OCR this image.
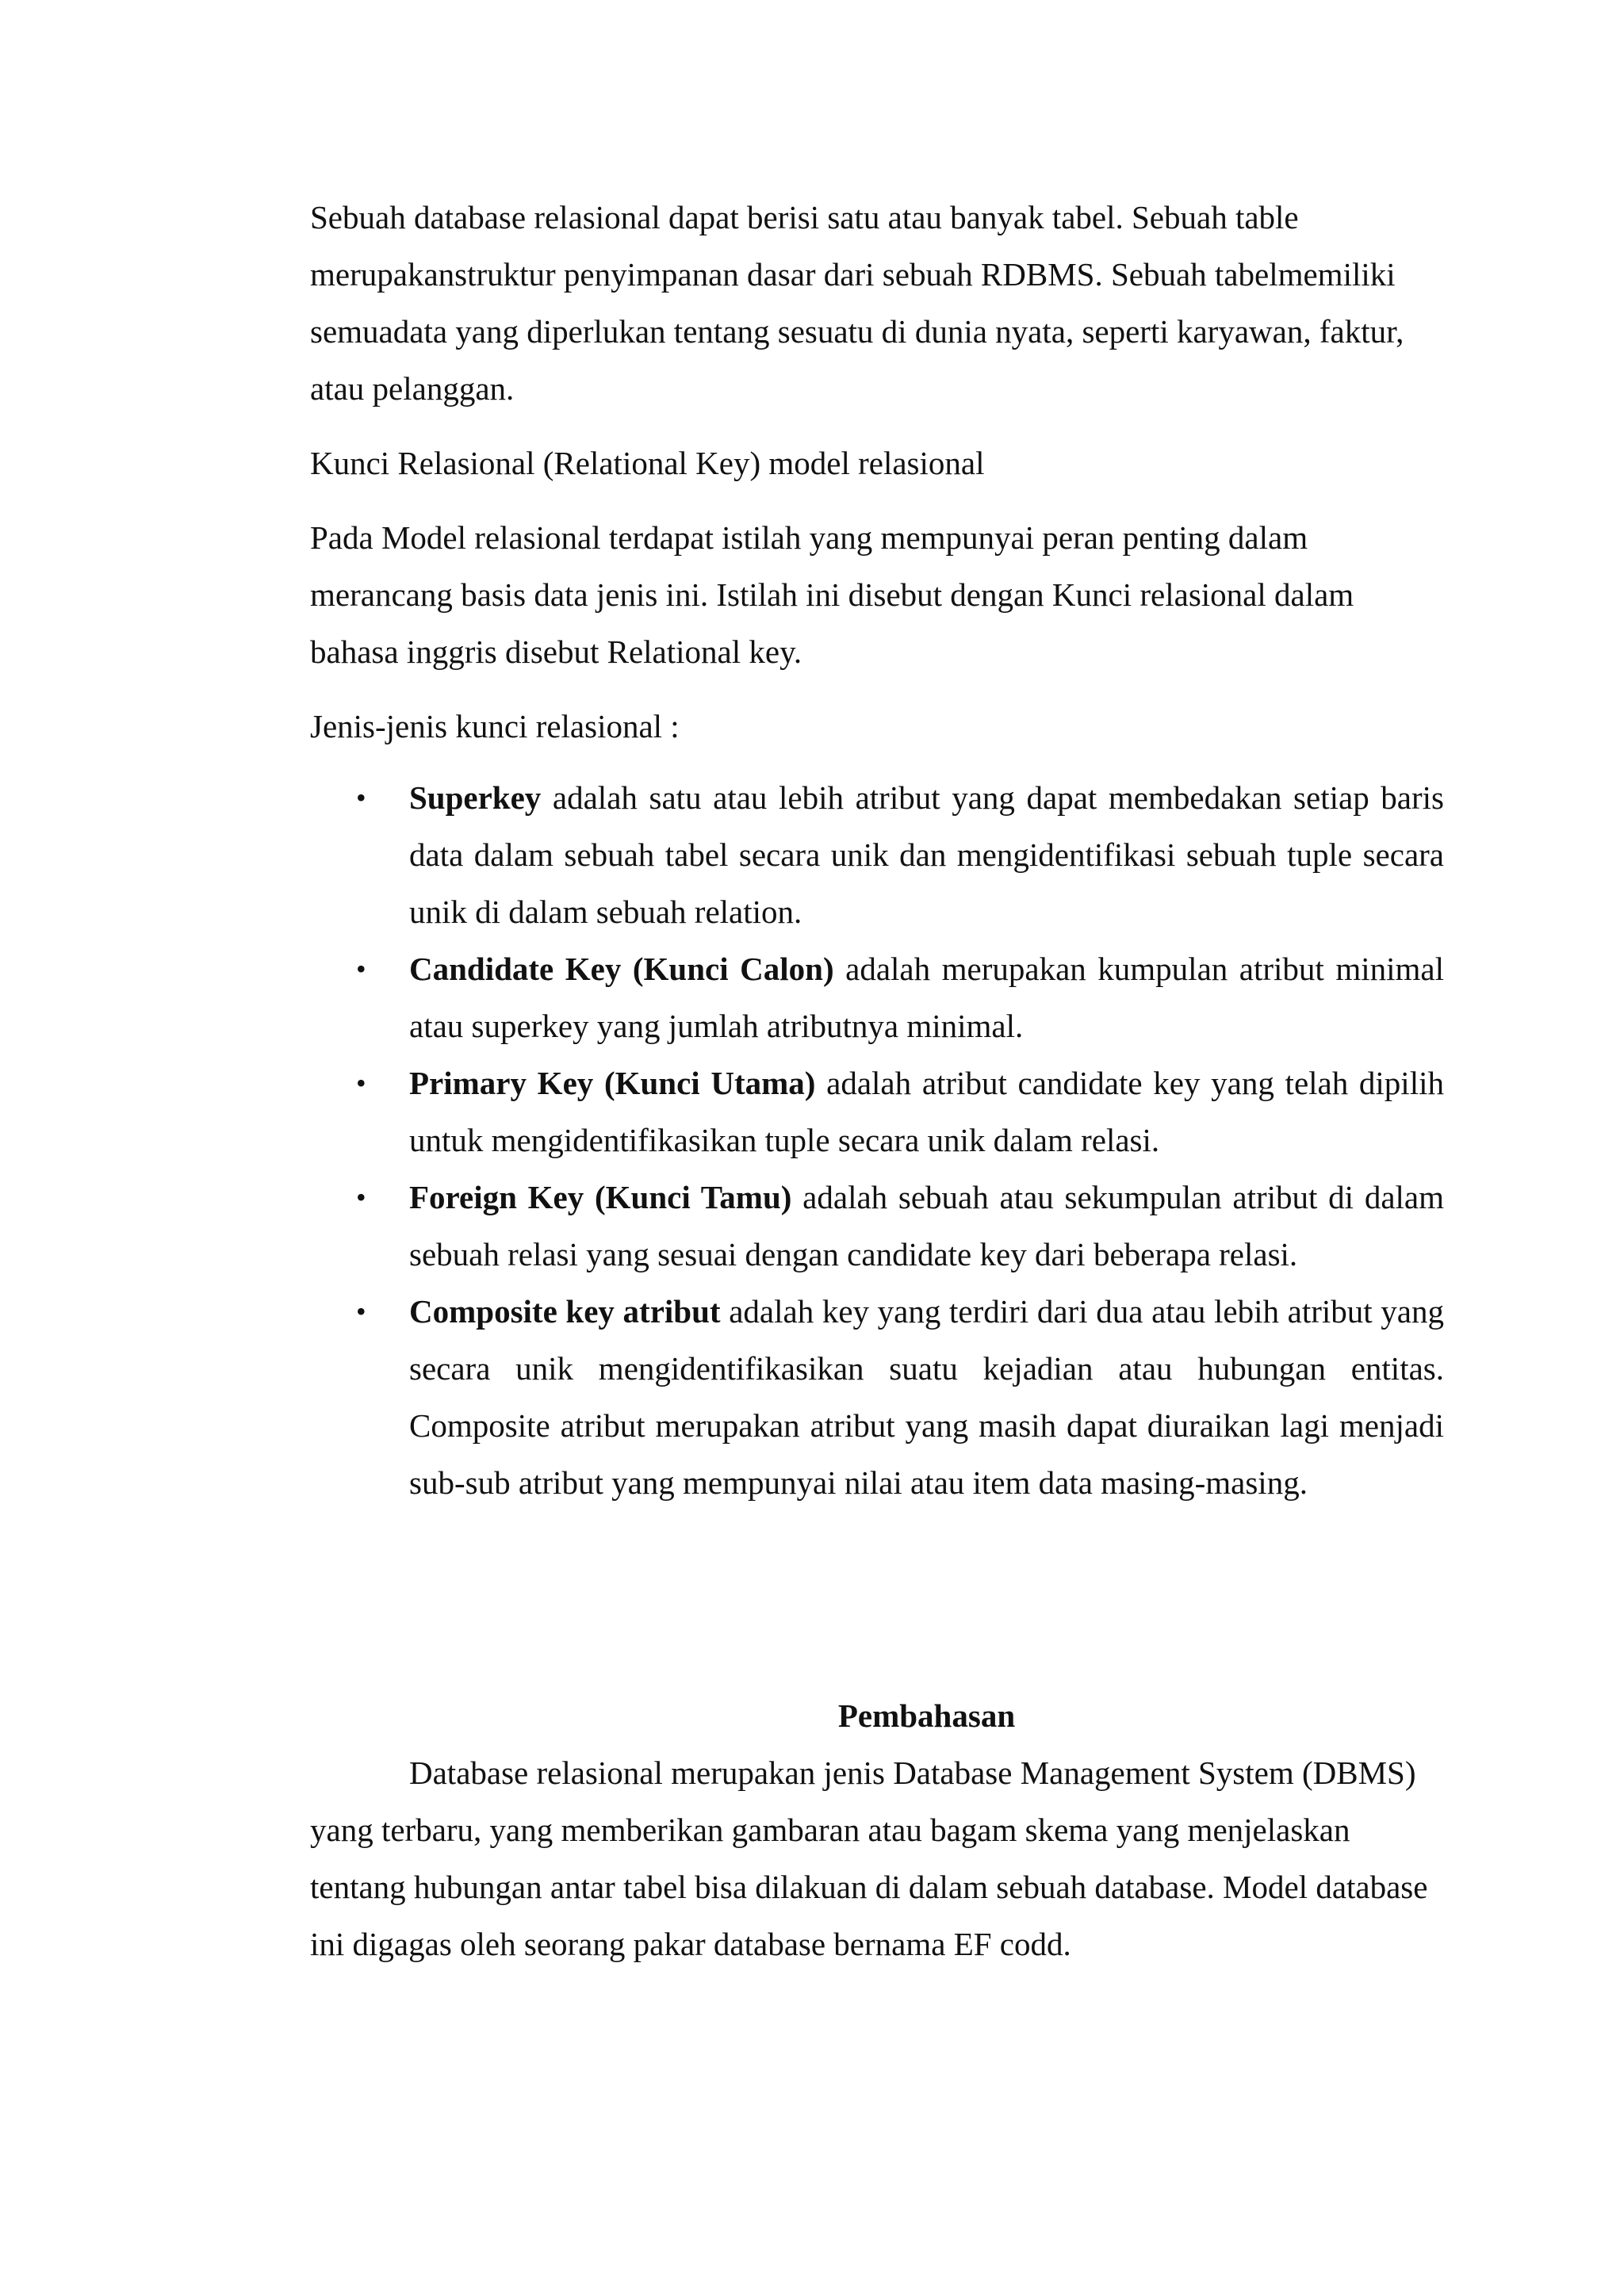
Sebuah database relasional dapat berisi satu atau banyak tabel. Sebuah table merupakanstruktur penyimpanan dasar dari sebuah RDBMS. Sebuah tabelmemiliki semuadata yang diperlukan tentang sesuatu di dunia nyata, seperti karyawan, faktur, atau pelanggan.

Kunci Relasional (Relational Key) model relasional

Pada Model relasional terdapat istilah yang mempunyai peran penting dalam merancang basis data jenis ini. Istilah ini disebut dengan Kunci relasional dalam bahasa inggris disebut Relational key.

Jenis-jenis kunci relasional :

• Superkey adalah satu atau lebih atribut yang dapat membedakan setiap baris data dalam sebuah tabel secara unik dan mengidentifikasi sebuah tuple secara unik di dalam sebuah relation.
• Candidate Key (Kunci Calon) adalah merupakan kumpulan atribut minimal atau superkey yang jumlah atributnya minimal.
• Primary Key (Kunci Utama) adalah atribut candidate key yang telah dipilih untuk mengidentifikasikan tuple secara unik dalam relasi.
• Foreign Key (Kunci Tamu) adalah sebuah atau sekumpulan atribut di dalam sebuah relasi yang sesuai dengan candidate key dari beberapa relasi.
• Composite key atribut adalah key yang terdiri dari dua atau lebih atribut yang secara unik mengidentifikasikan suatu kejadian atau hubungan entitas. Composite atribut merupakan atribut yang masih dapat diuraikan lagi menjadi sub-sub atribut yang mempunyai nilai atau item data masing-masing.
Pembahasan

Database relasional merupakan jenis Database Management System (DBMS) yang terbaru, yang memberikan gambaran atau bagam skema yang menjelaskan tentang hubungan antar tabel bisa dilakuan di dalam sebuah database. Model database ini digagas oleh seorang pakar database bernama EF codd.
